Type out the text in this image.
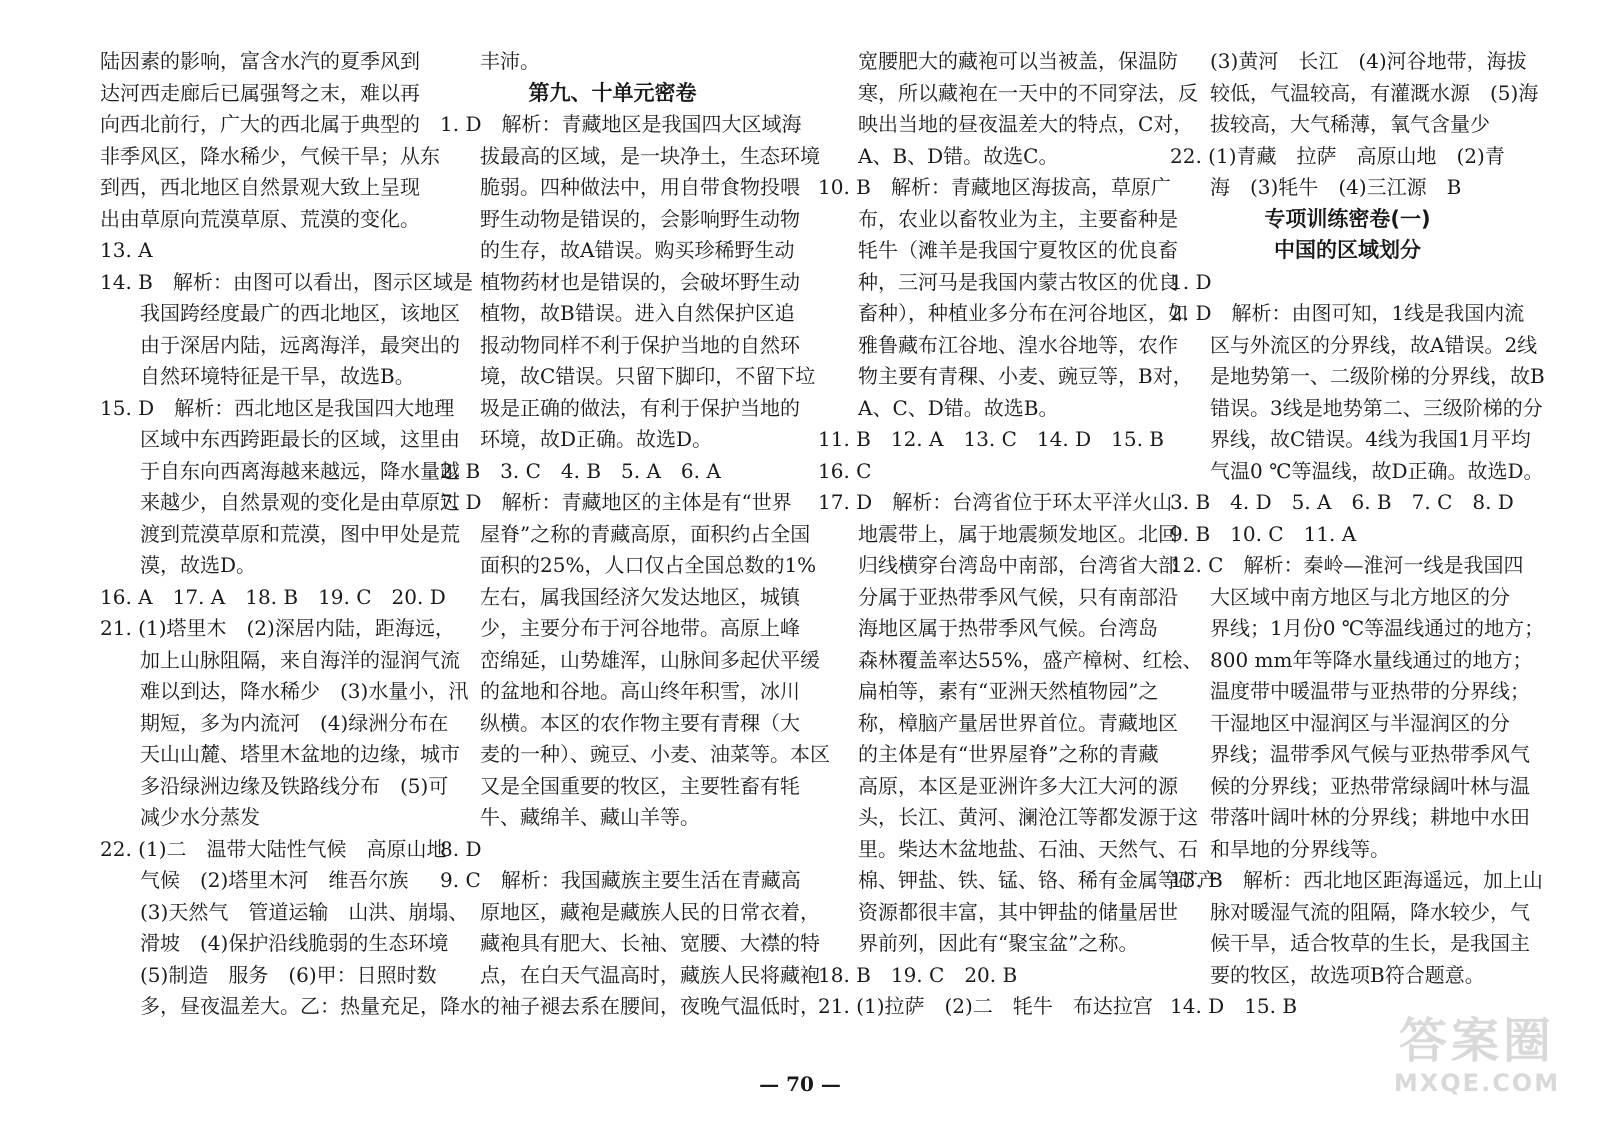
陆因素的影响，富含水汽的夏季风到
达河西走廊后已属强弩之末，难以再
向西北前行，广大的西北属于典型的
非季风区，降水稀少，气候干旱；从东
到西，西北地区自然景观大致上呈现
出由草原向荒漠草原、荒漠的变化。
13. A
14. B　解析：由图可以看出，图示区域是
　　我国跨经度最广的西北地区，该地区
　　由于深居内陆，远离海洋，最突出的
　　自然环境特征是干旱，故选B。
15. D　解析：西北地区是我国四大地理
　　区域中东西跨距最长的区域，这里由
　　于自东向西离海越来越远，降水量越
　　来越少，自然景观的变化是由草原过
　　渡到荒漠草原和荒漠，图中甲处是荒
　　漠，故选D。
16. A　17. A　18. B　19. C　20. D
21. (1)塔里木　(2)深居内陆，距海远，
　　加上山脉阻隔，来自海洋的湿润气流
　　难以到达，降水稀少　(3)水量小，汛
　　期短，多为内流河　(4)绿洲分布在
　　天山山麓、塔里木盆地的边缘，城市
　　多沿绿洲边缘及铁路线分布　(5)可
　　减少水分蒸发
22. (1)二　温带大陆性气候　高原山地
　　气候　(2)塔里木河　维吾尔族
　　(3)天然气　管道运输　山洪、崩塌、
　　滑坡　(4)保护沿线脆弱的生态环境
　　(5)制造　服务　(6)甲：日照时数
　　多，昼夜温差大。乙：热量充足，降水
　　丰沛。
第九、十单元密卷
1. D　解析：青藏地区是我国四大区域海
　　拔最高的区域，是一块净土，生态环境
　　脆弱。四种做法中，用自带食物投喂
　　野生动物是错误的，会影响野生动物
　　的生存，故A错误。购买珍稀野生动
　　植物药材也是错误的，会破坏野生动
　　植物，故B错误。进入自然保护区追
　　报动物同样不利于保护当地的自然环
　　境，故C错误。只留下脚印，不留下垃
　　圾是正确的做法，有利于保护当地的
　　环境，故D正确。故选D。
2. B　3. C　4. B　5. A　6. A
7. D　解析：青藏地区的主体是有“世界
　　屋脊”之称的青藏高原，面积约占全国
　　面积的25%，人口仅占全国总数的1%
　　左右，属我国经济欠发达地区，城镇
　　少，主要分布于河谷地带。高原上峰
　　峦绵延，山势雄浑，山脉间多起伏平缓
　　的盆地和谷地。高山终年积雪，冰川
　　纵横。本区的农作物主要有青稞（大
　　麦的一种）、豌豆、小麦、油菜等。本区
　　又是全国重要的牧区，主要牲畜有牦
　　牛、藏绵羊、藏山羊等。
8. D
9. C　解析：我国藏族主要生活在青藏高
　　原地区，藏袍是藏族人民的日常衣着，
　　藏袍具有肥大、长袖、宽腰、大襟的特
　　点，在白天气温高时，藏族人民将藏袍
　　的袖子褪去系在腰间，夜晚气温低时，
　　宽腰肥大的藏袍可以当被盖，保温防
　　寒，所以藏袍在一天中的不同穿法，反
　　映出当地的昼夜温差大的特点，C对，
　　A、B、D错。故选C。
10. B　解析：青藏地区海拔高，草原广
　　布，农业以畜牧业为主，主要畜种是
　　牦牛（滩羊是我国宁夏牧区的优良畜
　　种，三河马是我国内蒙古牧区的优良
　　畜种），种植业多分布在河谷地区，如
　　雅鲁藏布江谷地、湟水谷地等，农作
　　物主要有青稞、小麦、豌豆等，B对，
　　A、C、D错。故选B。
11. B　12. A　13. C　14. D　15. B
16. C
17. D　解析：台湾省位于环太平洋火山
　　地震带上，属于地震频发地区。北回
　　归线横穿台湾岛中南部，台湾省大部
　　分属于亚热带季风气候，只有南部沿
　　海地区属于热带季风气候。台湾岛
　　森林覆盖率达55%，盛产樟树、红桧、
　　扁柏等，素有“亚洲天然植物园”之
　　称，樟脑产量居世界首位。青藏地区
　　的主体是有“世界屋脊”之称的青藏
　　高原，本区是亚洲许多大江大河的源
　　头，长江、黄河、澜沧江等都发源于这
　　里。柴达木盆地盐、石油、天然气、石
　　棉、钾盐、铁、锰、铬、稀有金属等矿产
　　资源都很丰富，其中钾盐的储量居世
　　界前列，因此有“聚宝盆”之称。
18. B　19. C　20. B
21. (1)拉萨　(2)二　牦牛　布达拉宫
　　(3)黄河　长江　(4)河谷地带，海拔
　　较低，气温较高，有灌溉水源　(5)海
　　拔较高，大气稀薄，氧气含量少
22. (1)青藏　拉萨　高原山地　(2)青
　　海　(3)牦牛　(4)三江源　B
专项训练密卷(一)
中国的区域划分
1. D
2. D　解析：由图可知，1线是我国内流
　　区与外流区的分界线，故A错误。2线
　　是地势第一、二级阶梯的分界线，故B
　　错误。3线是地势第二、三级阶梯的分
　　界线，故C错误。4线为我国1月平均
　　气温0 ℃等温线，故D正确。故选D。
3. B　4. D　5. A　6. B　7. C　8. D
9. B　10. C　11. A
12. C　解析：秦岭—淮河一线是我国四
　　大区域中南方地区与北方地区的分
　　界线；1月份0 ℃等温线通过的地方；
　　800 mm年等降水量线通过的地方；
　　温度带中暖温带与亚热带的分界线；
　　干湿地区中湿润区与半湿润区的分
　　界线；温带季风气候与亚热带季风气
　　候的分界线；亚热带常绿阔叶林与温
　　带落叶阔叶林的分界线；耕地中水田
　　和旱地的分界线等。
13. B　解析：西北地区距海遥远，加上山
　　脉对暖湿气流的阻隔，降水较少，气
　　候干旱，适合牧草的生长，是我国主
　　要的牧区，故选项B符合题意。
14. D　15. B
— 70 —
答案圈
MXQE.COM
